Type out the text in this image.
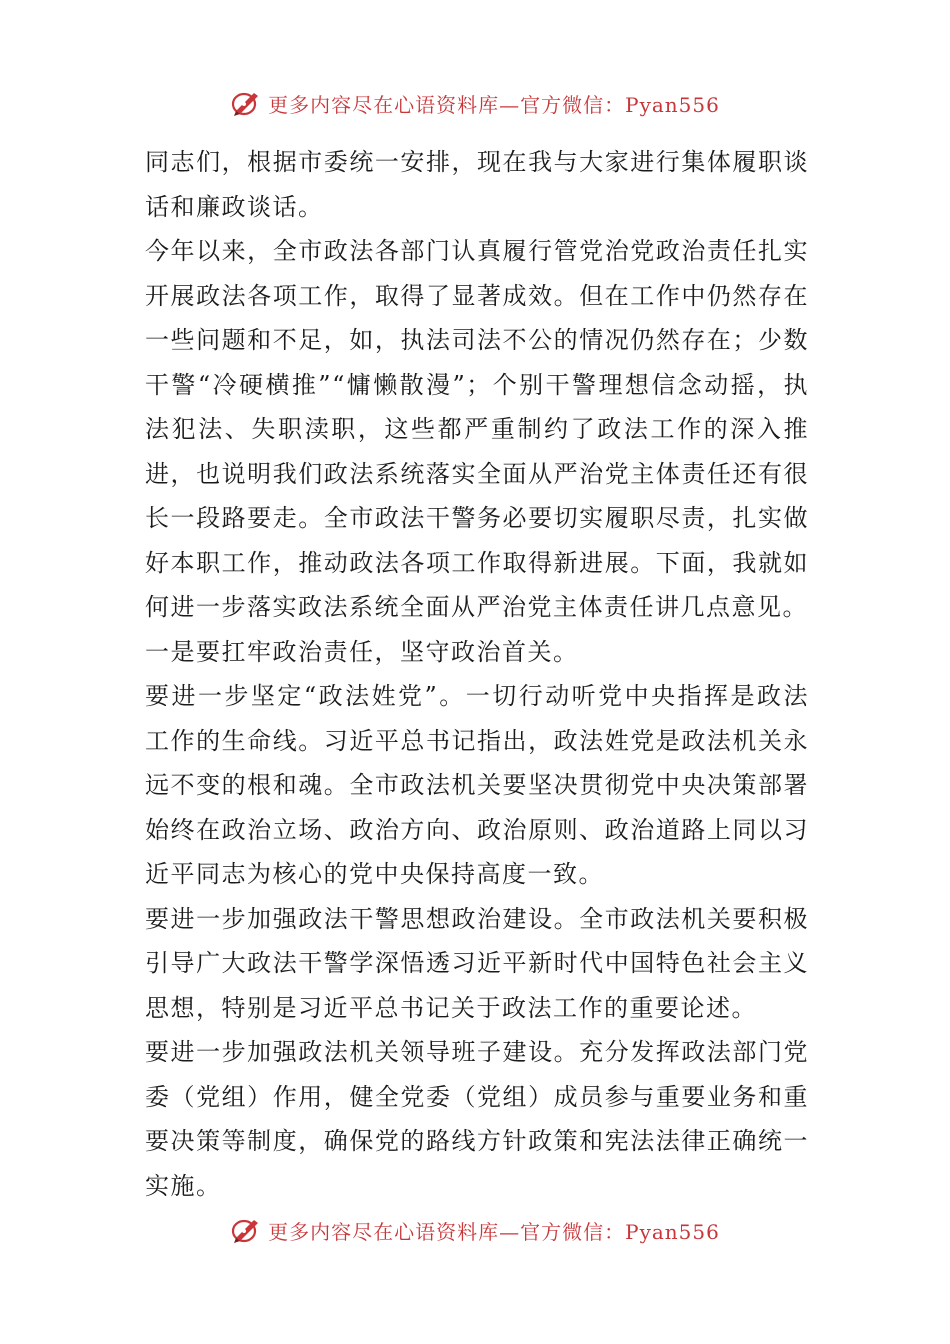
更多内容尽在心语资料库—官方微信：Pyan556

同志们，根据市委统一安排，现在我与大家进行集体履职谈话和廉政谈话。

今年以来，全市政法各部门认真履行管党治党政治责任扎实开展政法各项工作，取得了显著成效。但在工作中仍然存在一些问题和不足，如，执法司法不公的情况仍然存在；少数干警“冷硬横推”“慵懒散漫”；个别干警理想信念动摇，执法犯法、失职渎职，这些都严重制约了政法工作的深入推进，也说明我们政法系统落实全面从严治党主体责任还有很长一段路要走。全市政法干警务必要切实履职尽责，扎实做好本职工作，推动政法各项工作取得新进展。下面，我就如何进一步落实政法系统全面从严治党主体责任讲几点意见。

一是要扛牢政治责任，坚守政治首关。

要进一步坚定“政法姓党”。一切行动听党中央指挥是政法工作的生命线。习近平总书记指出，政法姓党是政法机关永远不变的根和魂。全市政法机关要坚决贯彻党中央决策部署始终在政治立场、政治方向、政治原则、政治道路上同以习近平同志为核心的党中央保持高度一致。

要进一步加强政法干警思想政治建设。全市政法机关要积极引导广大政法干警学深悟透习近平新时代中国特色社会主义思想，特别是习近平总书记关于政法工作的重要论述。

要进一步加强政法机关领导班子建设。充分发挥政法部门党委（党组）作用，健全党委（党组）成员参与重要业务和重要决策等制度，确保党的路线方针政策和宪法法律正确统一实施。

更多内容尽在心语资料库—官方微信：Pyan556
